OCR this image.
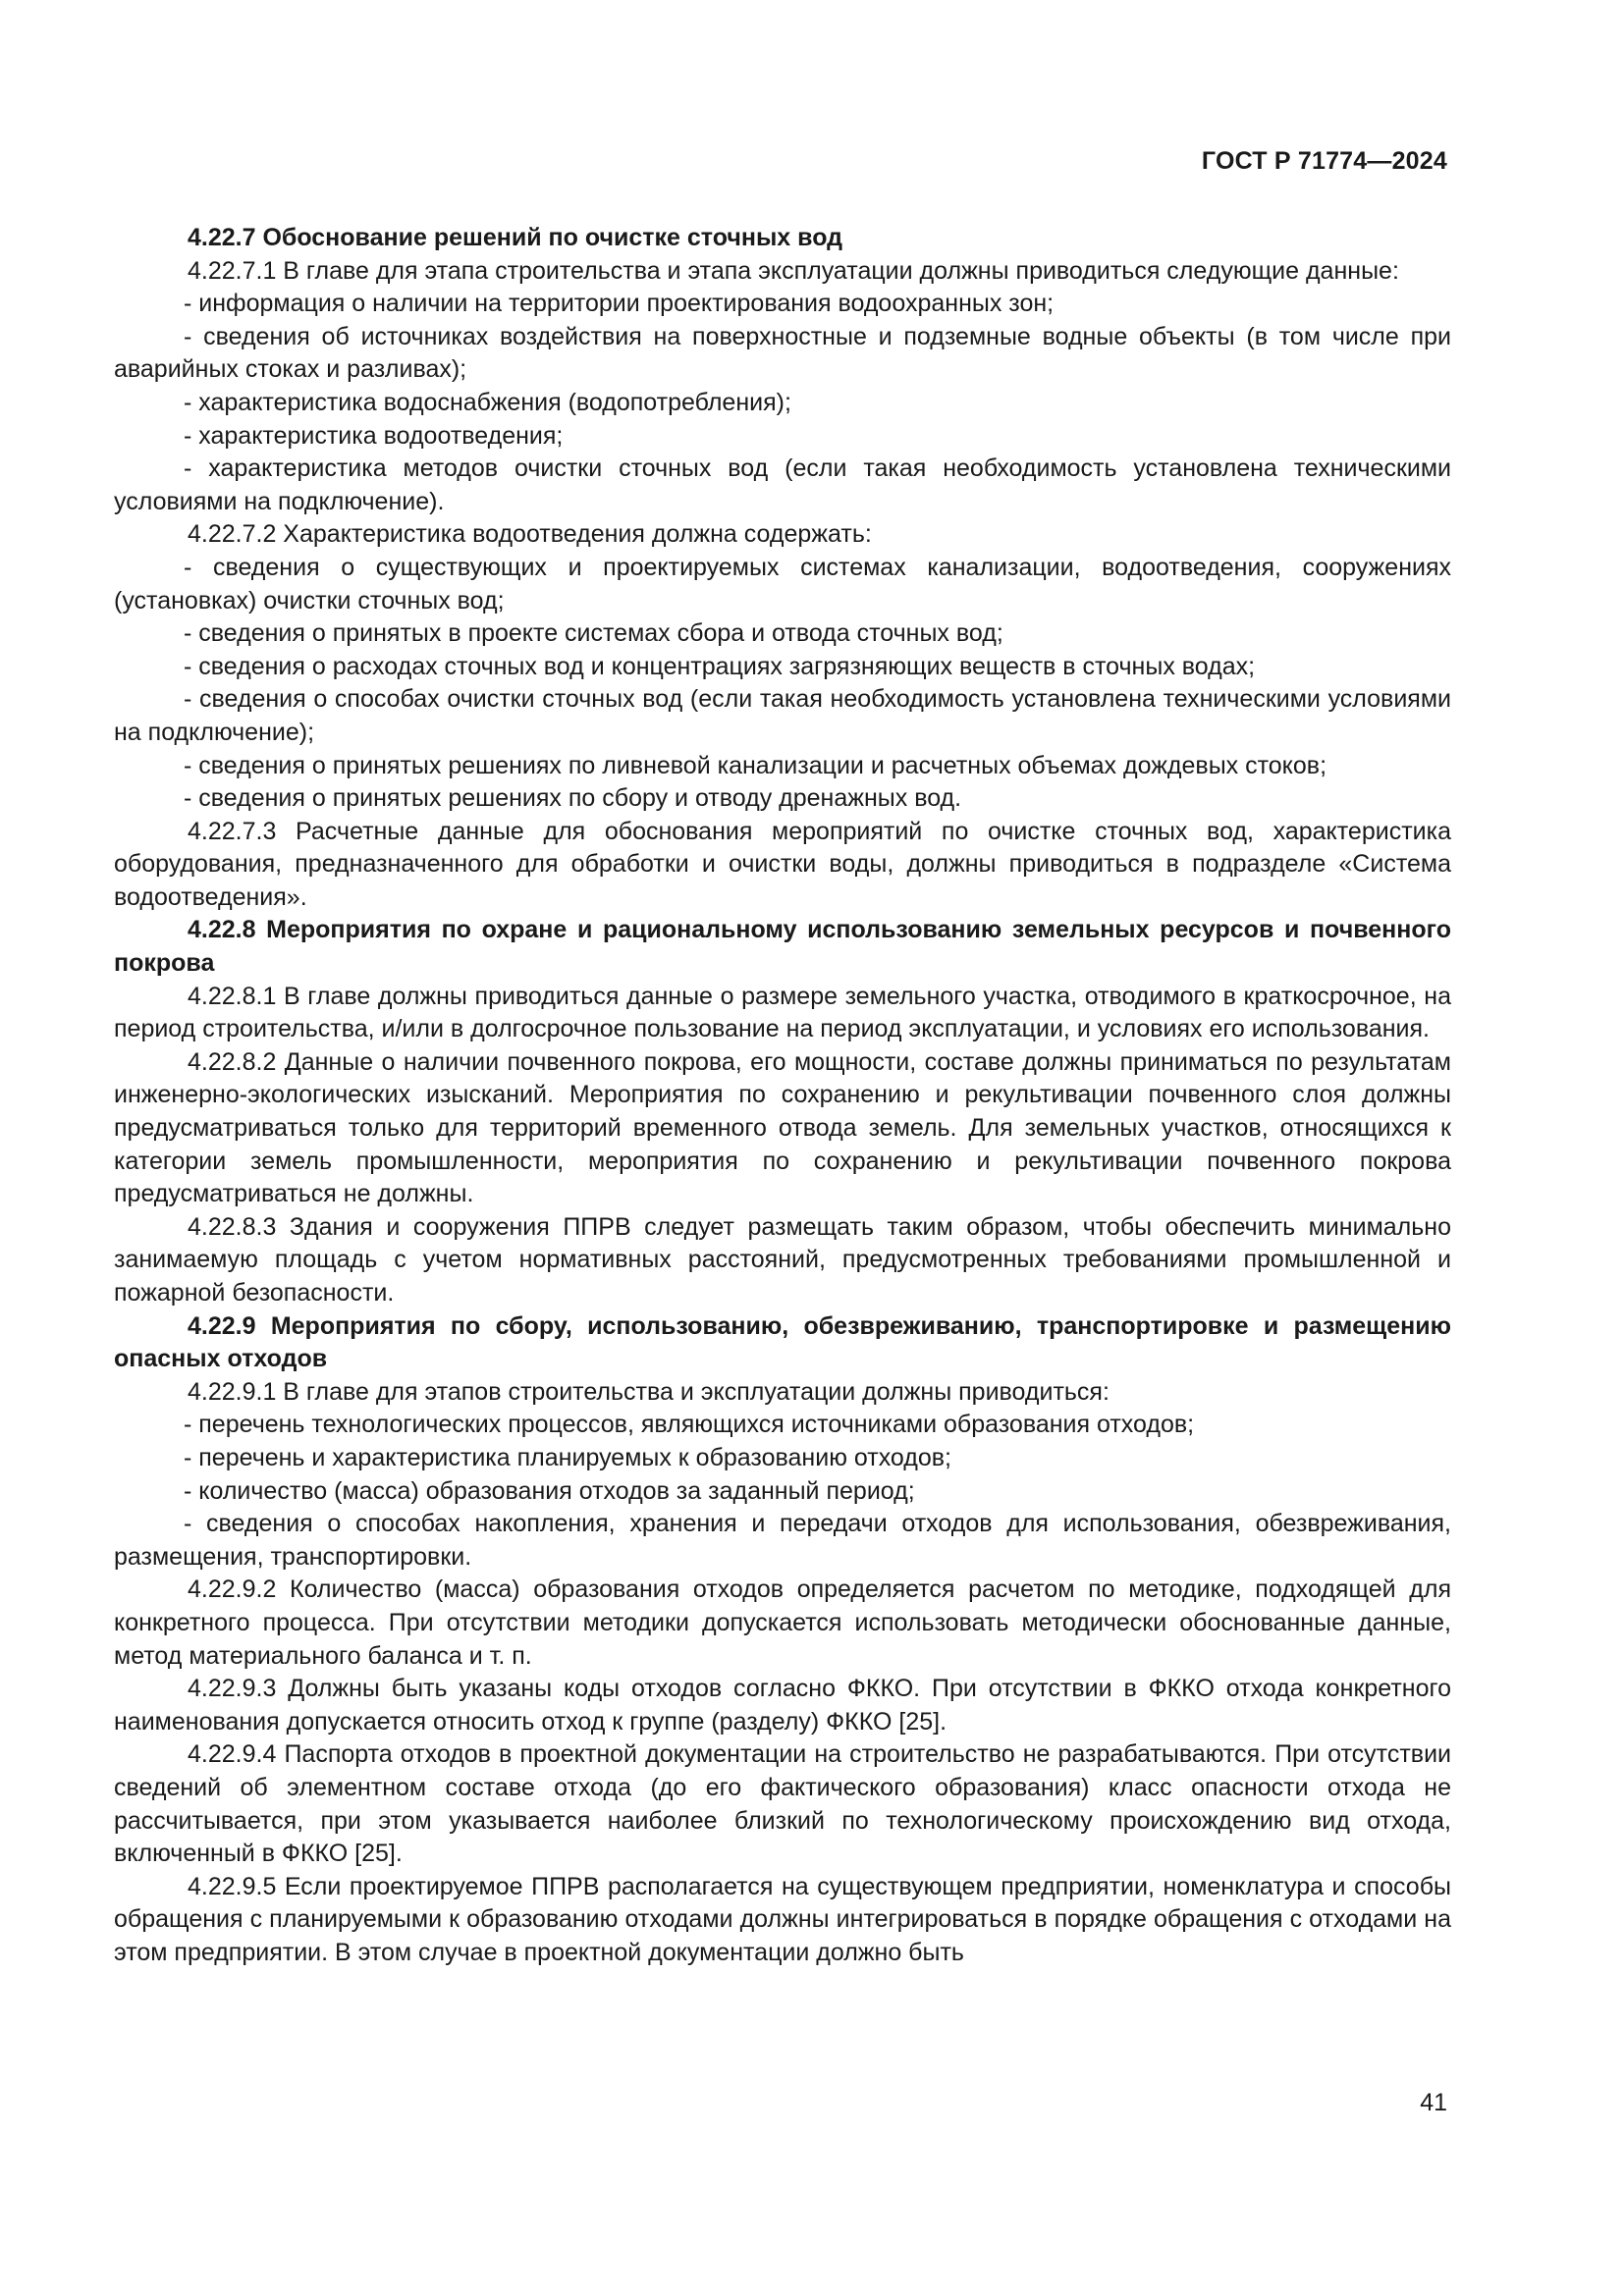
ГОСТ Р 71774—2024

4.22.7 Обоснование решений по очистке сточных вод

4.22.7.1 В главе для этапа строительства и этапа эксплуатации должны приводиться следующие данные:

- информация о наличии на территории проектирования водоохранных зон;

- сведения об источниках воздействия на поверхностные и подземные водные объекты (в том числе при аварийных стоках и разливах);

- характеристика водоснабжения (водопотребления);

- характеристика водоотведения;

- характеристика методов очистки сточных вод (если такая необходимость установлена техническими условиями на подключение).

4.22.7.2 Характеристика водоотведения должна содержать:

- сведения о существующих и проектируемых системах канализации, водоотведения, сооружениях (установках) очистки сточных вод;

- сведения о принятых в проекте системах сбора и отвода сточных вод;

- сведения о расходах сточных вод и концентрациях загрязняющих веществ в сточных водах;

- сведения о способах очистки сточных вод (если такая необходимость установлена техническими условиями на подключение);

- сведения о принятых решениях по ливневой канализации и расчетных объемах дождевых стоков;

- сведения о принятых решениях по сбору и отводу дренажных вод.

4.22.7.3 Расчетные данные для обоснования мероприятий по очистке сточных вод, характеристика оборудования, предназначенного для обработки и очистки воды, должны приводиться в подразделе «Система водоотведения».

4.22.8 Мероприятия по охране и рациональному использованию земельных ресурсов и почвенного покрова

4.22.8.1 В главе должны приводиться данные о размере земельного участка, отводимого в краткосрочное, на период строительства, и/или в долгосрочное пользование на период эксплуатации, и условиях его использования.

4.22.8.2 Данные о наличии почвенного покрова, его мощности, составе должны приниматься по результатам инженерно-экологических изысканий. Мероприятия по сохранению и рекультивации почвенного слоя должны предусматриваться только для территорий временного отвода земель. Для земельных участков, относящихся к категории земель промышленности, мероприятия по сохранению и рекультивации почвенного покрова предусматриваться не должны.

4.22.8.3 Здания и сооружения ППРВ следует размещать таким образом, чтобы обеспечить минимально занимаемую площадь с учетом нормативных расстояний, предусмотренных требованиями промышленной и пожарной безопасности.

4.22.9 Мероприятия по сбору, использованию, обезвреживанию, транспортировке и размещению опасных отходов

4.22.9.1 В главе для этапов строительства и эксплуатации должны приводиться:

- перечень технологических процессов, являющихся источниками образования отходов;

- перечень и характеристика планируемых к образованию отходов;

- количество (масса) образования отходов за заданный период;

- сведения о способах накопления, хранения и передачи отходов для использования, обезвреживания, размещения, транспортировки.

4.22.9.2 Количество (масса) образования отходов определяется расчетом по методике, подходящей для конкретного процесса. При отсутствии методики допускается использовать методически обоснованные данные, метод материального баланса и т. п.

4.22.9.3 Должны быть указаны коды отходов согласно ФККО. При отсутствии в ФККО отхода конкретного наименования допускается относить отход к группе (разделу) ФККО [25].

4.22.9.4 Паспорта отходов в проектной документации на строительство не разрабатываются. При отсутствии сведений об элементном составе отхода (до его фактического образования) класс опасности отхода не рассчитывается, при этом указывается наиболее близкий по технологическому происхождению вид отхода, включенный в ФККО [25].

4.22.9.5 Если проектируемое ППРВ располагается на существующем предприятии, номенклатура и способы обращения с планируемыми к образованию отходами должны интегрироваться в порядке обращения с отходами на этом предприятии. В этом случае в проектной документации должно быть

41
